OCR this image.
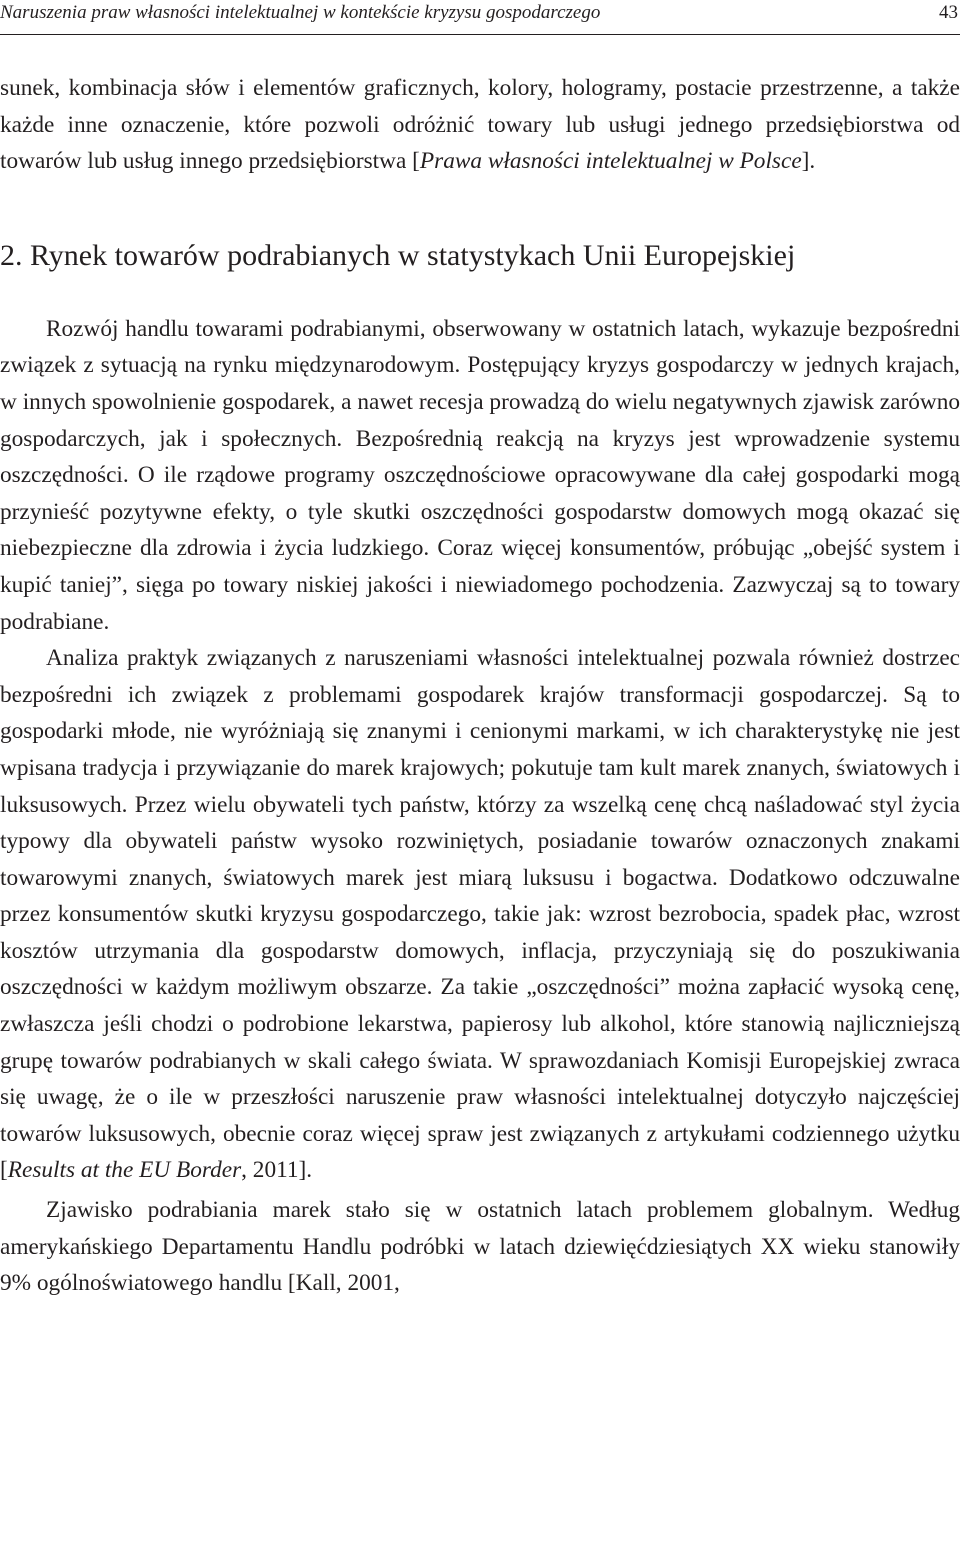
Naruszenia praw własności intelektualnej w kontekście kryzysu gospodarczego	43

sunek, kombinacja słów i elementów graficznych, kolory, hologramy, postacie przestrzenne, a także każde inne oznaczenie, które pozwoli odróżnić towary lub usługi jednego przedsiębiorstwa od towarów lub usług innego przedsiębiorstwa [Prawa własności intelektualnej w Polsce].

2. Rynek towarów podrabianych w statystykach Unii Europejskiej

Rozwój handlu towarami podrabianymi, obserwowany w ostatnich latach, wykazuje bezpośredni związek z sytuacją na rynku międzynarodowym. Postępujący kryzys gospodarczy w jednych krajach, w innych spowolnienie gospodarek, a nawet recesja prowadzą do wielu negatywnych zjawisk zarówno gospodarczych, jak i społecznych. Bezpośrednią reakcją na kryzys jest wprowadzenie systemu oszczędności. O ile rządowe programy oszczędnościowe opracowywane dla całej gospodarki mogą przynieść pozytywne efekty, o tyle skutki oszczędności gospodarstw domowych mogą okazać się niebezpieczne dla zdrowia i życia ludzkiego. Coraz więcej konsumentów, próbując „obejść system i kupić taniej”, sięga po towary niskiej jakości i niewiadomego pochodzenia. Zazwyczaj są to towary podrabiane.

Analiza praktyk związanych z naruszeniami własności intelektualnej pozwala również dostrzec bezpośredni ich związek z problemami gospodarek krajów transformacji gospodarczej. Są to gospodarki młode, nie wyróżniają się znanymi i cenionymi markami, w ich charakterystykę nie jest wpisana tradycja i przywiązanie do marek krajowych; pokutuje tam kult marek znanych, światowych i luksusowych. Przez wielu obywateli tych państw, którzy za wszelką cenę chcą naśladować styl życia typowy dla obywateli państw wysoko rozwiniętych, posiadanie towarów oznaczonych znakami towarowymi znanych, światowych marek jest miarą luksusu i bogactwa. Dodatkowo odczuwalne przez konsumentów skutki kryzysu gospodarczego, takie jak: wzrost bezrobocia, spadek płac, wzrost kosztów utrzymania dla gospodarstw domowych, inflacja, przyczyniają się do poszukiwania oszczędności w każdym możliwym obszarze. Za takie „oszczędności” można zapłacić wysoką cenę, zwłaszcza jeśli chodzi o podrobione lekarstwa, papierosy lub alkohol, które stanowią najliczniejszą grupę towarów podrabianych w skali całego świata. W sprawozdaniach Komisji Europejskiej zwraca się uwagę, że o ile w przeszłości naruszenie praw własności intelektualnej dotyczyło najczęściej towarów luksusowych, obecnie coraz więcej spraw jest związanych z artykułami codziennego użytku [Results at the EU Border, 2011].

Zjawisko podrabiania marek stało się w ostatnich latach problemem globalnym. Według amerykańskiego Departamentu Handlu podróbki w latach dziewięćdziesiątych XX wieku stanowiły 9% ogólnoświatowego handlu [Kall, 2001,
